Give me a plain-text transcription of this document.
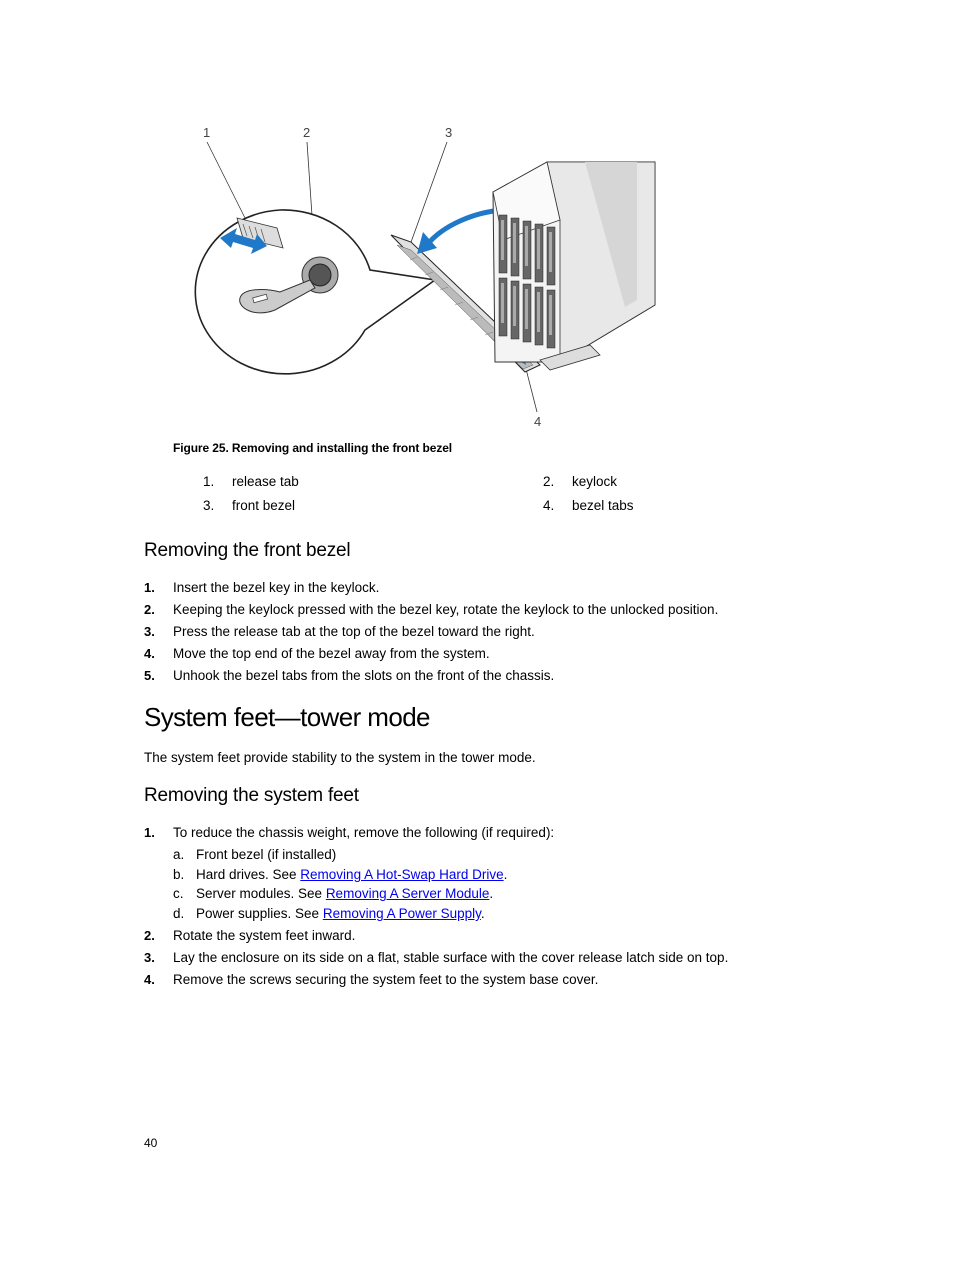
1	2	3
4
Figure 25. Removing and installing the front bezel
1. release tab	2. keylock
3. front bezel	4. bezel tabs
Removing the front bezel
1. Insert the bezel key in the keylock.
2. Keeping the keylock pressed with the bezel key, rotate the keylock to the unlocked position.
3. Press the release tab at the top of the bezel toward the right.
4. Move the top end of the bezel away from the system.
5. Unhook the bezel tabs from the slots on the front of the chassis.
System feet—tower mode
The system feet provide stability to the system in the tower mode.
Removing the system feet
1. To reduce the chassis weight, remove the following (if required):
a. Front bezel (if installed)
b. Hard drives. See Removing A Hot-Swap Hard Drive.
c. Server modules. See Removing A Server Module.
d. Power supplies. See Removing A Power Supply.
2. Rotate the system feet inward.
3. Lay the enclosure on its side on a flat, stable surface with the cover release latch side on top.
4. Remove the screws securing the system feet to the system base cover.
40
